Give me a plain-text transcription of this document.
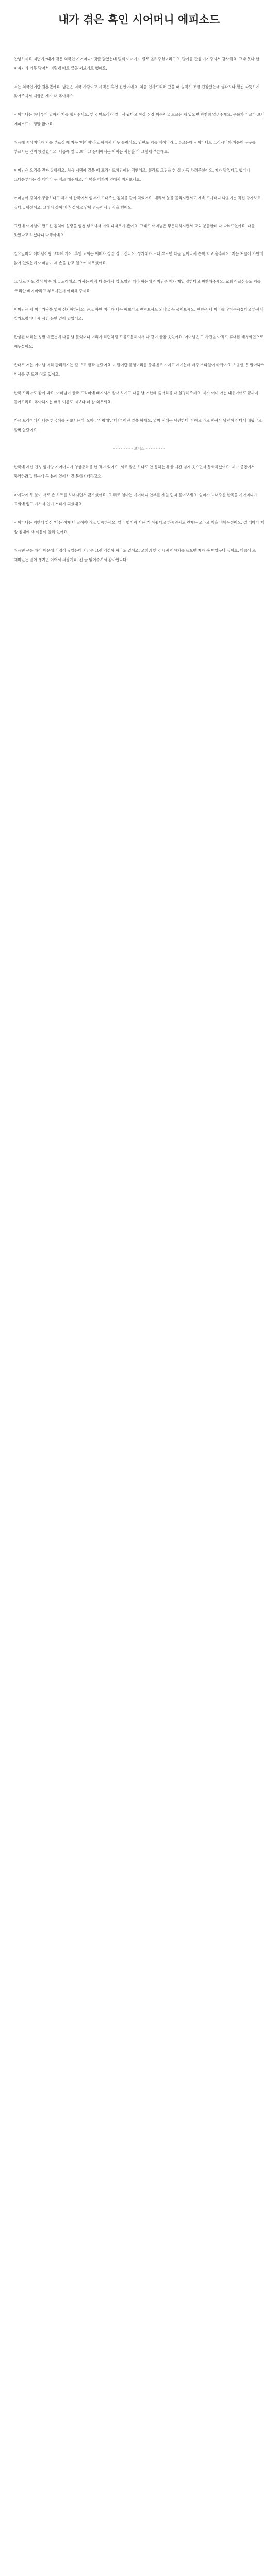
내가 겪은 흑인 시어머니 에피소드

안녕하세요 저번에 "내가 겪은 외국인 시어머니" 댓글 달았는데 벌써 이어가기 글로 올려주셨더라구요. 많이들 관심 가져주셔서 감사해요. 그때 못다 한 이야기가 너무 많아서 이렇게 따로 글을 써보기로 했어요.

저는 외국인이랑 결혼했어요. 남편은 미국 사람이고 시댁은 흑인 집안이에요. 처음 인사드리러 갔을 때 솔직히 조금 긴장했는데 생각보다 훨씬 따뜻하게 맞아주셔서 지금은 제가 더 좋아해요.

시어머니는 하나부터 열까지 저를 챙겨주세요. 한국 며느리가 멀리서 왔다고 항상 신경 써주시고 모르는 게 있으면 천천히 알려주세요. 문화가 다르다 보니 에피소드가 정말 많아요.

처음에 시어머니가 저를 부르실 때 자꾸 '베이비'라고 하셔서 너무 놀랐어요. 남편도 저를 베이비라고 부르는데 시어머니도 그러시니까 처음엔 누구를 부르시는 건지 헷갈렸어요. 나중에 알고 보니 그 동네에서는 아끼는 사람을 다 그렇게 부른대요.

어머님은 요리를 진짜 잘하세요. 처음 시댁에 갔을 때 프라이드치킨이랑 맥앤치즈, 콜라드 그린을 한 상 가득 차려주셨어요. 제가 맛있다고 했더니 그다음부터는 갈 때마다 두 배로 해주세요. 다 먹을 때까지 옆에서 지켜보세요.

어머님이 김치가 궁금하다고 하셔서 한국에서 엄마가 보내주신 김치를 같이 먹었어요. 매워서 눈물 흘리시면서도 계속 드시더니 다음에는 직접 담가보고 싶다고 하셨어요. 그래서 같이 배추 절이고 양념 만들어서 김장을 했어요.

그런데 어머님이 만드신 김치에 설탕을 엄청 넣으셔서 거의 디저트가 됐어요. 그래도 어머님은 뿌듯해하시면서 교회 분들한테 다 나눠드렸어요. 다들 맛있다고 하셨다니 다행이에요.

일요일마다 어머님이랑 교회에 가요. 흑인 교회는 예배가 정말 길고 신나요. 성가대가 노래 부르면 다들 일어나서 손뼉 치고 춤추세요. 저는 처음에 가만히 앉아 있었는데 어머님이 제 손을 잡고 일으켜 세우셨어요.

그 뒤로 저도 같이 박수 치고 노래해요. 가사는 아직 다 몰라서 입 모양만 따라 하는데 어머님은 제가 제일 잘한다고 칭찬해주세요. 교회 어르신들도 저를 '코리안 베이비'라고 부르시면서 예뻐해 주세요.

어머님은 제 머리카락을 엄청 신기해하세요. 곧고 까만 머리가 너무 예쁘다고 만져보셔도 되냐고 꼭 물어보세요. 한번은 제 머리를 땋아주시겠다고 하셔서 맡겨드렸더니 세 시간 동안 앉아 있었어요.

완성된 머리는 정말 예뻤는데 다음 날 풀었더니 머리가 라면처럼 꼬불꼬불해져서 다 같이 한참 웃었어요. 어머님은 그 사진을 아직도 휴대폰 배경화면으로 해두셨어요.

반대로 저는 어머님 머리 관리하시는 걸 보고 깜짝 놀랐어요. 가발이랑 붙임머리를 종류별로 가지고 계시는데 매주 스타일이 바뀌어요. 처음엔 못 알아봐서 인사를 못 드린 적도 있어요.

한국 드라마도 같이 봐요. 어머님이 한국 드라마에 빠지셔서 밤새 보시고 다음 날 저한테 줄거리를 다 설명해주세요. 제가 이미 아는 내용이어도 끝까지 들어드려요. 좋아하시는 배우 이름도 저보다 더 잘 외우세요.

가끔 드라마에서 나온 한국어를 써보시는데 '오빠', '사랑해', '대박' 이런 말을 하세요. 얼마 전에는 남편한테 '아이고'라고 하셔서 남편이 어디서 배웠냐고 깜짝 놀랐어요.

- - - - - - - - 보너스 - - - - - - - -

한국에 계신 친정 엄마랑 시어머니가 영상통화를 한 적이 있어요. 서로 말은 하나도 안 통하는데 한 시간 넘게 웃으면서 통화하셨어요. 제가 중간에서 통역하려고 했는데 두 분이 알아서 잘 통하시더라고요.

마지막에 두 분이 서로 손 하트를 보내시면서 끊으셨어요. 그 뒤로 엄마는 시어머니 안부를 제일 먼저 물어보세요. 엄마가 보내주신 한복을 시어머니가 교회에 입고 가셔서 인기 스타가 되셨대요.

시어머니는 저한테 항상 '너는 이제 내 딸이야'라고 말씀하세요. 멀리 떨어져 사는 게 아쉽다고 하시면서도 언제든 오라고 방을 비워두셨어요. 갈 때마다 제 방 침대에 새 이불이 깔려 있어요.

처음엔 문화 차이 때문에 걱정이 많았는데 지금은 그런 걱정이 하나도 없어요. 오히려 한국 시댁 이야기를 들으면 제가 복 받았구나 싶어요. 다음에 또 재미있는 일이 생기면 이어서 써볼게요. 긴 글 읽어주셔서 감사합니다!
